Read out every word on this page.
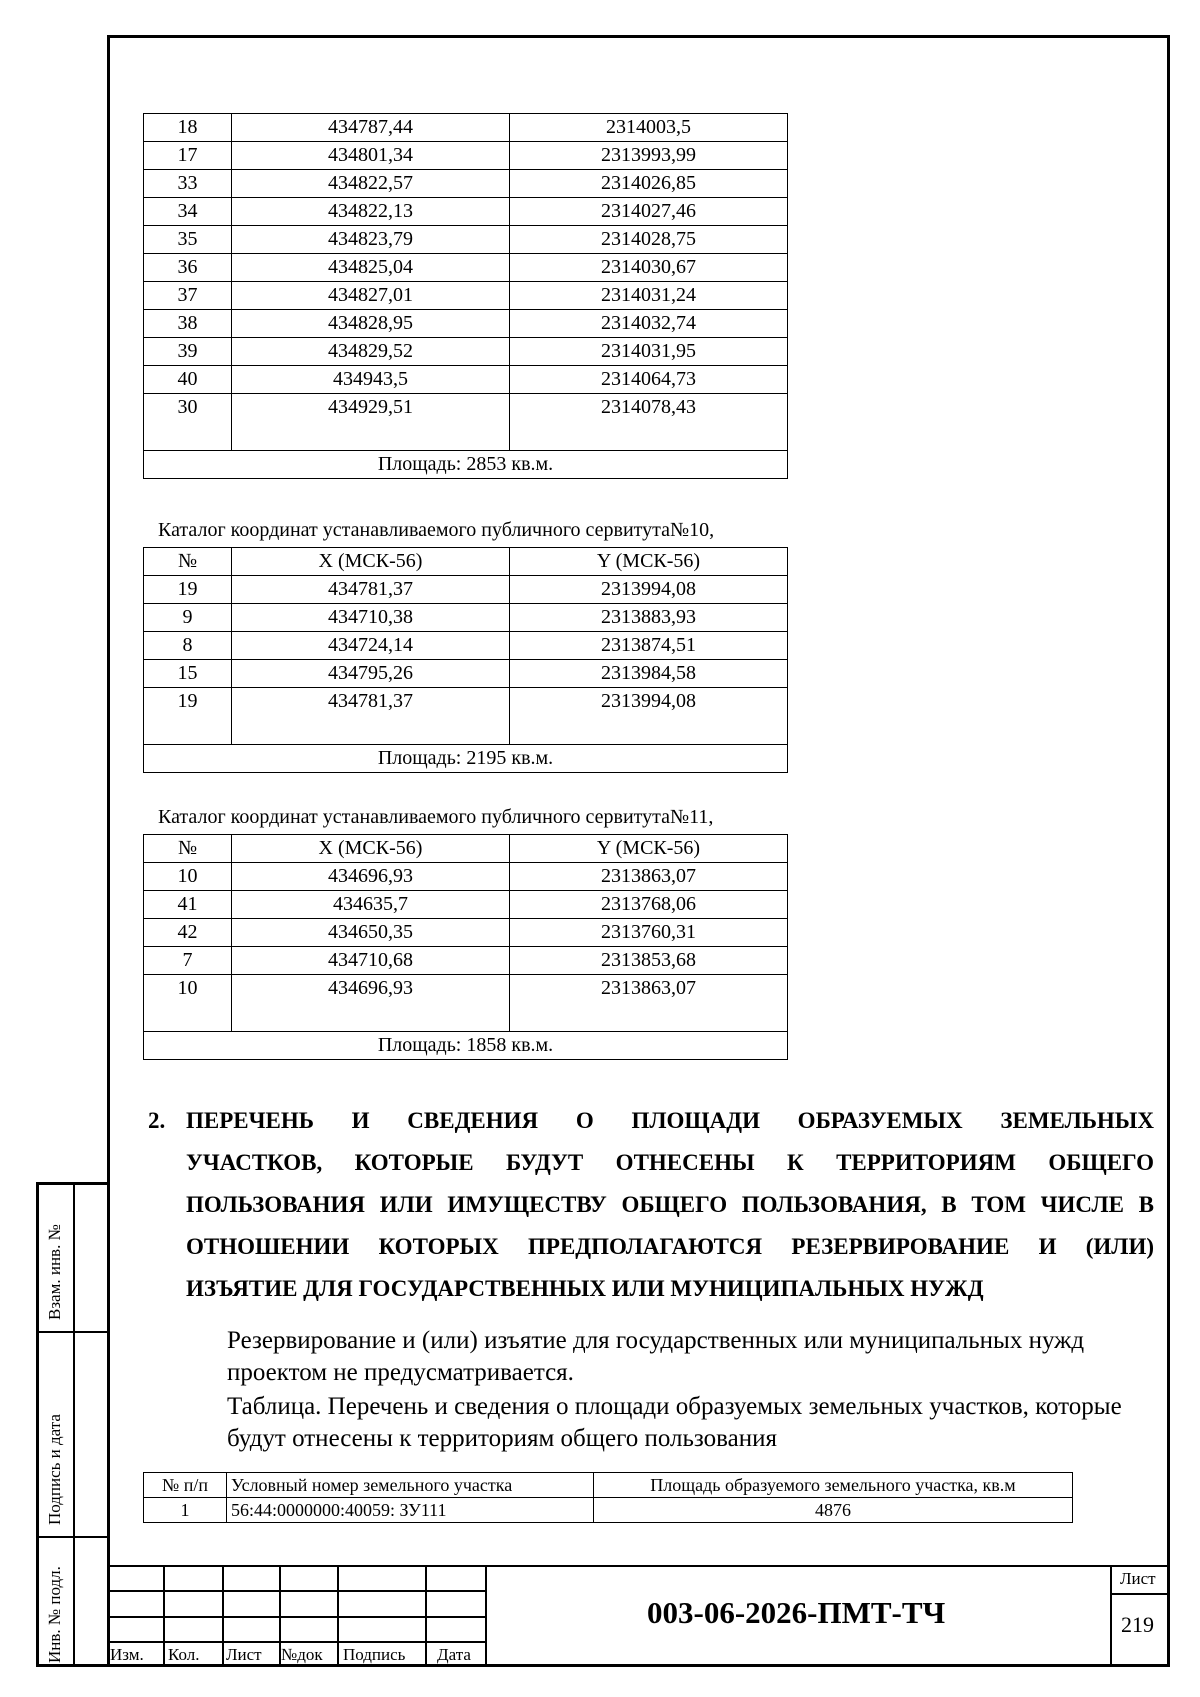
Взам. инв. №
Подпись и дата
Инв. № подл.
18	434787,44	2314003,5
17	434801,34	2313993,99
33	434822,57	2314026,85
34	434822,13	2314027,46
35	434823,79	2314028,75
36	434825,04	2314030,67
37	434827,01	2314031,24
38	434828,95	2314032,74
39	434829,52	2314031,95
40	434943,5	2314064,73
30	434929,51	2314078,43
Площадь: 2853 кв.м.		
Каталог координат устанавливаемого публичного сервитута№10,
№	X (МСК-56)	Y (МСК-56)
19	434781,37	2313994,08
9	434710,38	2313883,93
8	434724,14	2313874,51
15	434795,26	2313984,58
19	434781,37	2313994,08
Площадь: 2195 кв.м.		
Каталог координат устанавливаемого публичного сервитута№11,
№	X (МСК-56)	Y (МСК-56)
10	434696,93	2313863,07
41	434635,7	2313768,06
42	434650,35	2313760,31
7	434710,68	2313853,68
10	434696,93	2313863,07
Площадь: 1858 кв.м.		
2. ПЕРЕЧЕНЬ И СВЕДЕНИЯ О ПЛОЩАДИ ОБРАЗУЕМЫХ ЗЕМЕЛЬНЫХ
УЧАСТКОВ, КОТОРЫЕ БУДУТ ОТНЕСЕНЫ К ТЕРРИТОРИЯМ ОБЩЕГО
ПОЛЬЗОВАНИЯ ИЛИ ИМУЩЕСТВУ ОБЩЕГО ПОЛЬЗОВАНИЯ, В ТОМ ЧИСЛЕ В
ОТНОШЕНИИ КОТОРЫХ ПРЕДПОЛАГАЮТСЯ РЕЗЕРВИРОВАНИЕ И (ИЛИ)
ИЗЪЯТИЕ ДЛЯ ГОСУДАРСТВЕННЫХ ИЛИ МУНИЦИПАЛЬНЫХ НУЖД
Резервирование и (или) изъятие для государственных или муниципальных нужд проектом не предусматривается.
Таблица. Перечень и сведения о площади образуемых земельных участков, которые будут отнесены к территориям общего пользования
№ п/п	Условный номер земельного участка	Площадь образуемого земельного участка, кв.м
1	56:44:0000000:40059: ЗУ111	4876
Изм. Кол. Лист №док Подпись Дата
003-06-2026-ПМТ-ТЧ
Лист
219
